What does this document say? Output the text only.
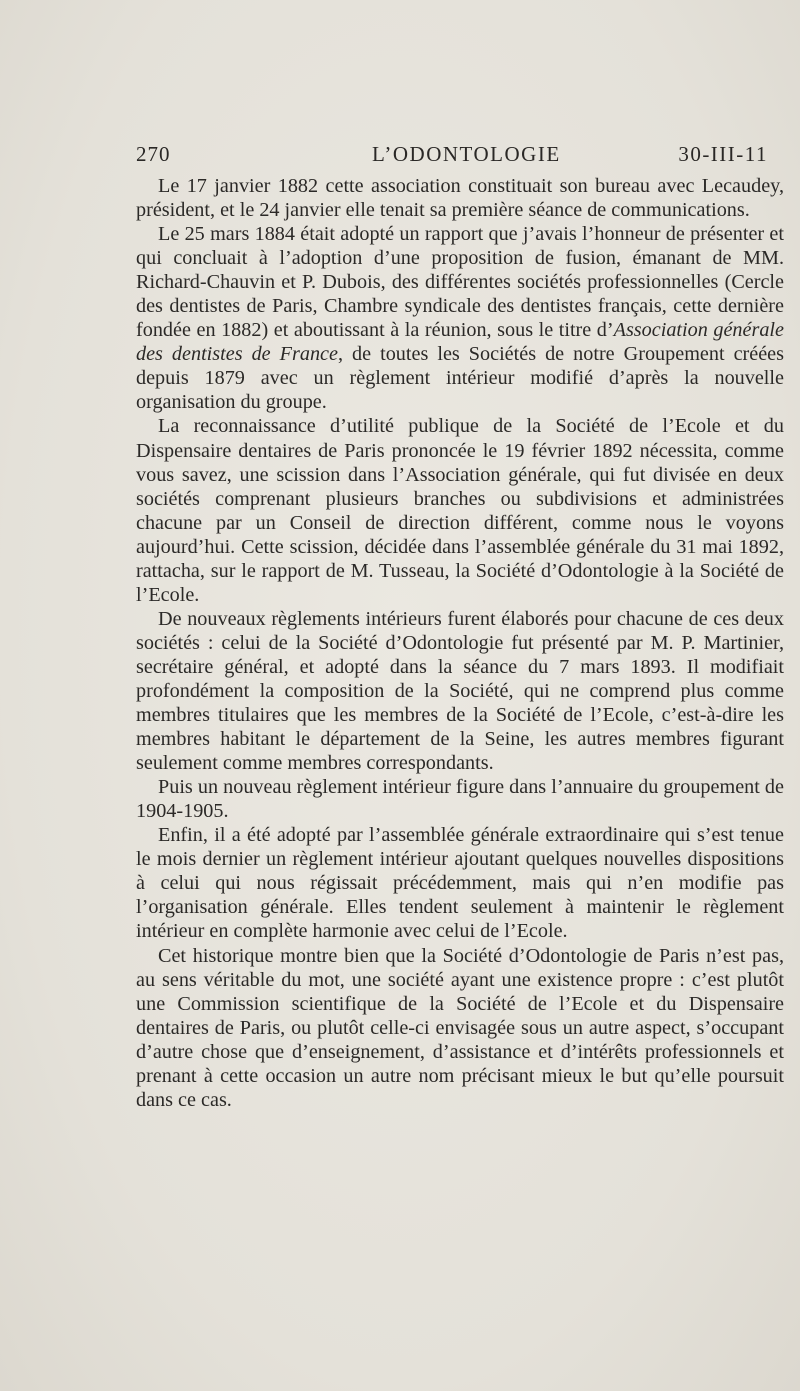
270	L’ODONTOLOGIE	30-III-11

Le 17 janvier 1882 cette association constituait son bureau avec Lecaudey, président, et le 24 janvier elle tenait sa première séance de communications.

Le 25 mars 1884 était adopté un rapport que j’avais l’honneur de présenter et qui concluait à l’adoption d’une proposition de fusion, émanant de MM. Richard-Chauvin et P. Dubois, des différentes sociétés professionnelles (Cercle des dentistes de Paris, Chambre syndicale des dentistes français, cette dernière fondée en 1882) et aboutissant à la réunion, sous le titre d’Association générale des dentistes de France, de toutes les Sociétés de notre Groupement créées depuis 1879 avec un règlement intérieur modifié d’après la nouvelle organisation du groupe.

La reconnaissance d’utilité publique de la Société de l’Ecole et du Dispensaire dentaires de Paris prononcée le 19 février 1892 nécessita, comme vous savez, une scission dans l’Association générale, qui fut divisée en deux sociétés comprenant plusieurs branches ou subdivisions et administrées chacune par un Conseil de direction différent, comme nous le voyons aujourd’hui. Cette scission, décidée dans l’assemblée générale du 31 mai 1892, rattacha, sur le rapport de M. Tusseau, la Société d’Odontologie à la Société de l’Ecole.

De nouveaux règlements intérieurs furent élaborés pour chacune de ces deux sociétés : celui de la Société d’Odontologie fut présenté par M. P. Martinier, secrétaire général, et adopté dans la séance du 7 mars 1893. Il modifiait profondément la composition de la Société, qui ne comprend plus comme membres titulaires que les membres de la Société de l’Ecole, c’est-à-dire les membres habitant le département de la Seine, les autres membres figurant seulement comme membres correspondants.

Puis un nouveau règlement intérieur figure dans l’annuaire du groupement de 1904-1905.

Enfin, il a été adopté par l’assemblée générale extraordinaire qui s’est tenue le mois dernier un règlement intérieur ajoutant quelques nouvelles dispositions à celui qui nous régissait précédemment, mais qui n’en modifie pas l’organisation générale. Elles tendent seulement à maintenir le règlement intérieur en complète harmonie avec celui de l’Ecole.

Cet historique montre bien que la Société d’Odontologie de Paris n’est pas, au sens véritable du mot, une société ayant une existence propre : c’est plutôt une Commission scientifique de la Société de l’Ecole et du Dispensaire dentaires de Paris, ou plutôt celle-ci envisagée sous un autre aspect, s’occupant d’autre chose que d’enseignement, d’assistance et d’intérêts professionnels et prenant à cette occasion un autre nom précisant mieux le but qu’elle poursuit dans ce cas.
